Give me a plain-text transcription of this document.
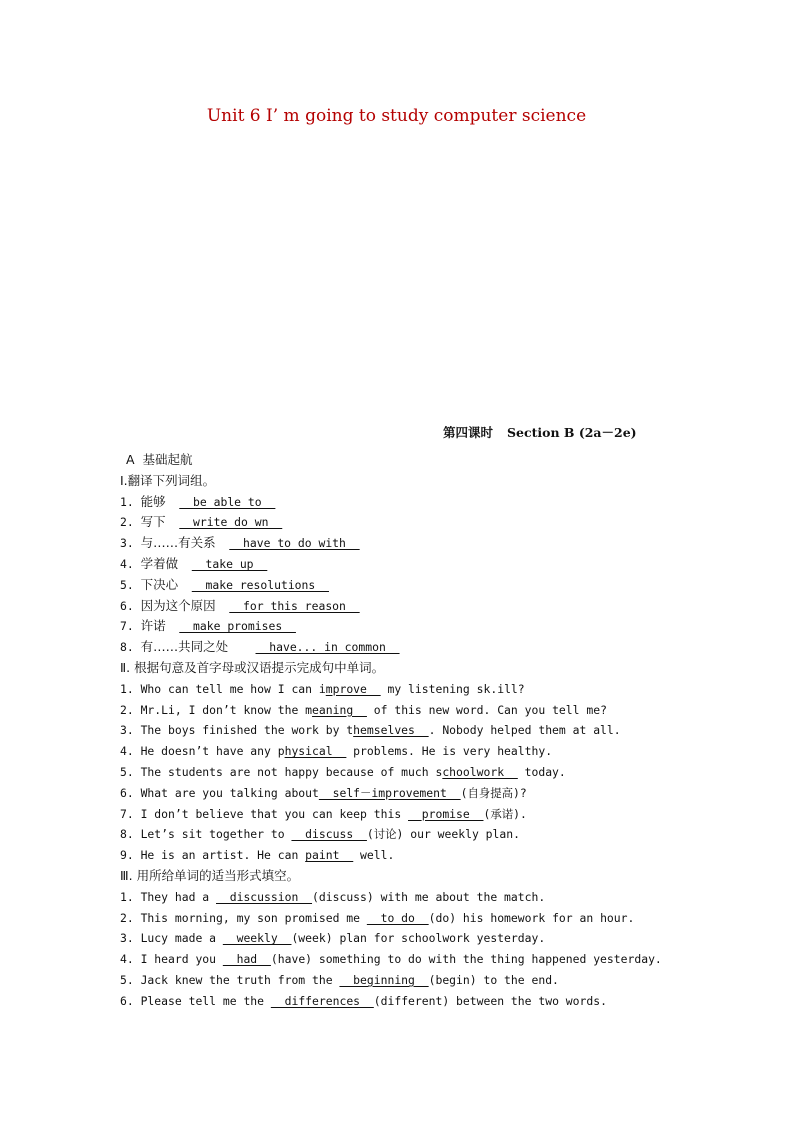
Unit 6 I’ m going to study computer science
第四课时 Section B (2a－2e)
A  基础起航
Ⅰ.翻译下列词组。
1. 能够 __be able to__
2. 写下 __write do wn__
3. 与……有关系 __have to do with__
4. 学着做 __take up__
5. 下决心 __make resolutions__
6. 因为这个原因 __for this reason__
7. 许诺 __make promises__
8. 有……共同之处 __have... in common__
Ⅱ. 根据句意及首字母或汉语提示完成句中单词。
1. Who can tell me how I can improve__ my listening sk.ill?
2. Mr.Li, I don’t know the meaning__ of this new word. Can you tell me?
3. The boys finished the work by themselves__. Nobody helped them at all.
4. He doesn’t have any physical__ problems. He is very healthy.
5. The students are not happy because of much schoolwork__ today.
6. What are you talking about__self－improvement__(自身提高)?
7. I don’t believe that you can keep this __promise__(承诺).
8. Let’s sit together to __discuss__(讨论) our weekly plan.
9. He is an artist. He can paint__ well.
Ⅲ. 用所给单词的适当形式填空。
1. They had a __discussion__(discuss) with me about the match.
2. This morning, my son promised me __to do__(do) his homework for an hour.
3. Lucy made a __weekly__(week) plan for schoolwork yesterday.
4. I heard you __had__(have) something to do with the thing happened yesterday.
5. Jack knew the truth from the __beginning__(begin) to the end.
6. Please tell me the __differences__(different) between the two words.
